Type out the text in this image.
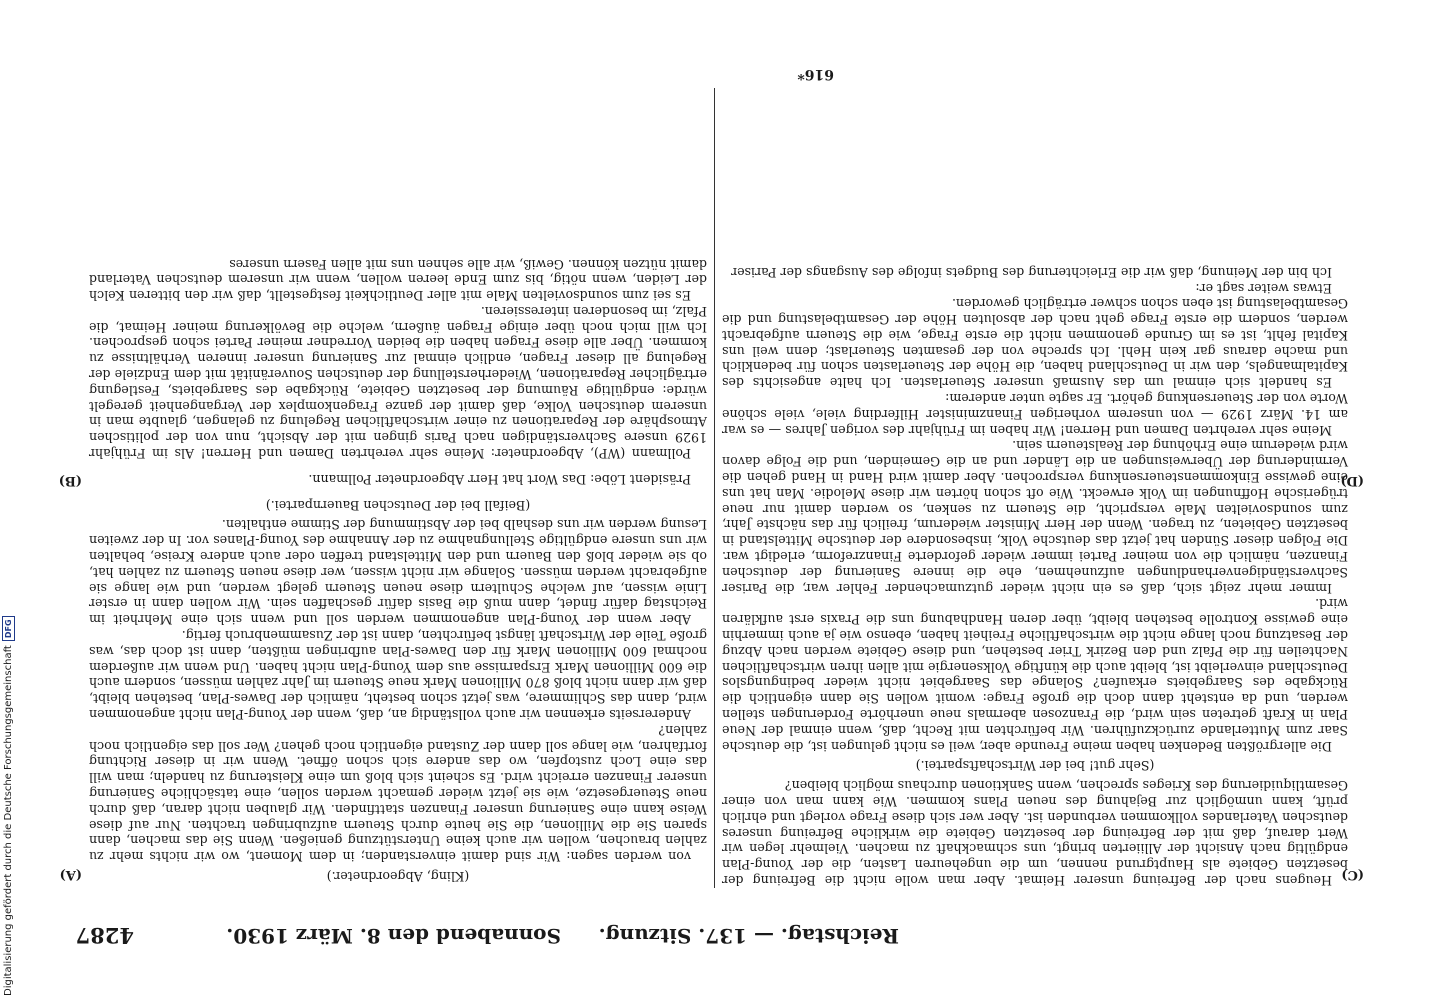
Reichstag. — 137. Sitzung.
Sonnabend den 8. März 1930.
4287
(C)
(D)
(A)
(B)

Heugens nach der Befreiung unserer Heimat. Aber man wolle nicht die Befreiung der besetzten Gebiete als Hauptgrund nennen, um die ungeheuren Lasten, die der Young-Plan endgültig nach Ansicht der Alliierten bringt, uns schmackhaft zu machen. Vielmehr legen wir Wert darauf, daß mit der Befreiung der besetzten Gebiete die wirkliche Befreiung unseres deutschen Vaterlandes vollkommen verbunden ist. Aber wer sich diese Frage vorlegt und ehrlich prüft, kann unmöglich zur Bejahung des neuen Plans kommen. Wie kann man von einer Gesamtliquidierung des Krieges sprechen, wenn Sanktionen durchaus möglich bleiben?

(Sehr gut! bei der Wirtschaftspartei.)

Die allergrößten Bedenken haben meine Freunde aber, weil es nicht gelungen ist, die deutsche Saar zum Mutterlande zurückzuführen. Wir befürchten mit Recht, daß, wenn einmal der Neue Plan in Kraft getreten sein wird, die Franzosen abermals neue unerhörte Forderungen stellen werden, und da entsteht dann doch die große Frage: womit wollen Sie dann eigentlich die Rückgabe des Saargebiets erkaufen? Solange das Saargebiet nicht wieder bedingungslos Deutschland einverleibt ist, bleibt auch die künftige Volksenergie mit allen ihren wirtschaftlichen Nachteilen für die Pfalz und den Bezirk Trier bestehen, und diese Gebiete werden nach Abzug der Besatzung noch lange nicht die wirtschaftliche Freiheit haben, ebenso wie ja auch immerhin eine gewisse Kontrolle bestehen bleibt, über deren Handhabung uns die Praxis erst aufklären wird.

Immer mehr zeigt sich, daß es ein nicht wieder gutzumachender Fehler war, die Pariser Sachverständigenverhandlungen aufzunehmen, ehe die innere Sanierung der deutschen Finanzen, nämlich die von meiner Partei immer wieder geforderte Finanzreform, erledigt war. Die Folgen dieser Sünden hat jetzt das deutsche Volk, insbesondere der deutsche Mittelstand in besetzten Gebieten, zu tragen. Wenn der Herr Minister wiederum, freilich für das nächste Jahr, zum soundsovielten Male verspricht, die Steuern zu senken, so werden damit nur neue trügerische Hoffnungen im Volk erweckt. Wie oft schon hörten wir diese Melodie. Man hat uns eine gewisse Einkommensteuersenkung versprochen. Aber damit wird Hand in Hand gehen die Verminderung der Überweisungen an die Länder und an die Gemeinden, und die Folge davon wird wiederum eine Erhöhung der Realsteuern sein.

Meine sehr verehrten Damen und Herren! Wir haben im Frühjahr des vorigen Jahres — es war am 14. März 1929 — von unserem vorherigen Finanzminister Hilferding viele, viele schöne Worte von der Steuersenkung gehört. Er sagte unter anderem:

Es handelt sich einmal um das Ausmaß unserer Steuerlasten. Ich halte angesichts des Kapitalmangels, den wir in Deutschland haben, die Höhe der Steuerlasten schon für bedenklich und mache daraus gar kein Hehl. Ich spreche von der gesamten Steuerlast; denn weil uns Kapital fehlt, ist es im Grunde genommen nicht die erste Frage, wie die Steuern aufgebracht werden, sondern die erste Frage geht nach der absoluten Höhe der Gesamtbelastung und die Gesamtbelastung ist eben schon schwer erträglich geworden.

Etwas weiter sagt er:

Ich bin der Meinung, daß wir die Erleichterung des Budgets infolge des Ausgangs der Pariser

(Kling, Abgeordneter.)

von werden sagen: Wir sind damit einverstanden; in dem Moment, wo wir nichts mehr zu zahlen brauchen, wollen wir auch keine Unterstützung genießen. Wenn Sie das machen, dann sparen Sie die Millionen, die Sie heute durch Steuern aufzubringen trachten. Nur auf diese Weise kann eine Sanierung unserer Finanzen stattfinden. Wir glauben nicht daran, daß durch neue Steuergesetze, wie sie jetzt wieder gemacht werden sollen, eine tatsächliche Sanierung unserer Finanzen erreicht wird. Es scheint sich bloß um eine Kleisterung zu handeln; man will das eine Loch zustopfen, wo das andere sich schon öffnet. Wenn wir in dieser Richtung fortfahren, wie lange soll dann der Zustand eigentlich noch gehen? Wer soll das eigentlich noch zahlen?

Andererseits erkennen wir auch vollständig an, daß, wenn der Young-Plan nicht angenommen wird, dann das Schlimmere, was jetzt schon besteht, nämlich der Dawes-Plan, bestehen bleibt, daß wir dann nicht bloß 870 Millionen Mark neue Steuern im Jahr zahlen müssen, sondern auch die 600 Millionen Mark Ersparnisse aus dem Young-Plan nicht haben. Und wenn wir außerdem nochmal 600 Millionen Mark für den Dawes-Plan aufbringen müßten, dann ist doch das, was große Teile der Wirtschaft längst befürchten, dann ist der Zusammenbruch fertig.

Aber wenn der Young-Plan angenommen werden soll und wenn sich eine Mehrheit im Reichstag dafür findet, dann muß die Basis dafür geschaffen sein. Wir wollen dann in erster Linie wissen, auf welche Schultern diese neuen Steuern gelegt werden, und wie lange sie aufgebracht werden müssen. Solange wir nicht wissen, wer diese neuen Steuern zu zahlen hat, ob sie wieder bloß den Bauern und den Mittelstand treffen oder auch andere Kreise, behalten wir uns unsere endgültige Stellungnahme zu der Annahme des Young-Planes vor. In der zweiten Lesung werden wir uns deshalb bei der Abstimmung der Stimme enthalten.

(Beifall bei der Deutschen Bauernpartei.)

Präsident Löbe: Das Wort hat Herr Abgeordneter Pollmann.

Pollmann (WP), Abgeordneter: Meine sehr verehrten Damen und Herren! Als im Frühjahr 1929 unsere Sachverständigen nach Paris gingen mit der Absicht, nun von der politischen Atmosphäre der Reparationen zu einer wirtschaftlichen Regelung zu gelangen, glaubte man in unserem deutschen Volke, daß damit der ganze Fragenkomplex der Vergangenheit geregelt würde: endgültige Räumung der besetzten Gebiete, Rückgabe des Saargebiets, Festlegung erträglicher Reparationen, Wiederherstellung der deutschen Souveränität mit dem Endziele der Regelung all dieser Fragen, endlich einmal zur Sanierung unserer inneren Verhältnisse zu kommen. Über alle diese Fragen haben die beiden Vorredner meiner Partei schon gesprochen. Ich will mich noch über einige Fragen äußern, welche die Bevölkerung meiner Heimat, die Pfalz, im besonderen interessieren.

Es sei zum soundsovielten Male mit aller Deutlichkeit festgestellt, daß wir den bitteren Kelch der Leiden, wenn nötig, bis zum Ende leeren wollen, wenn wir unserem deutschen Vaterland damit nützen können. Gewiß, wir alle sehnen uns mit allen Fasern unseres

616*
Digitalisierung gefördert durch die Deutsche Forschungsgemeinschaft
DFG
